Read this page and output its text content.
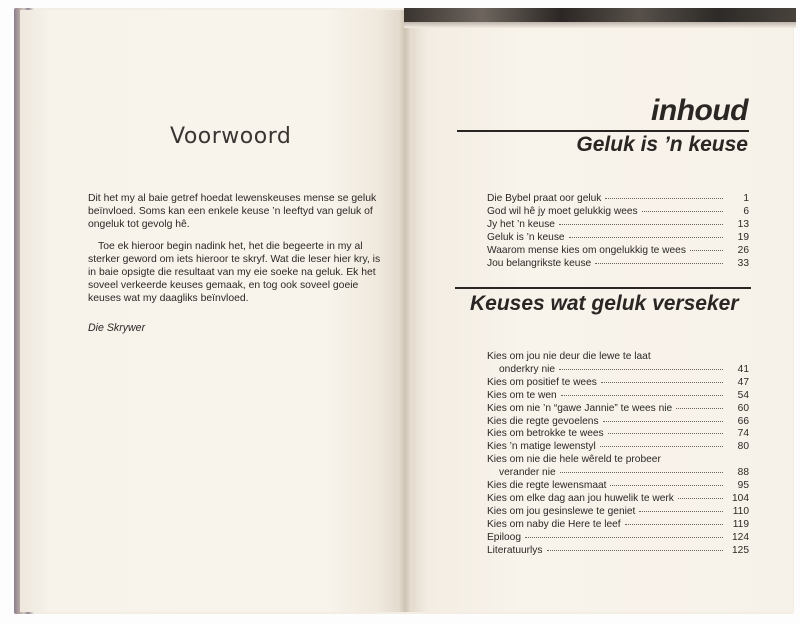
Voorwoord

Dit het my al baie getref hoedat lewenskeuses mense se geluk beïnvloed. Soms kan een enkele keuse ’n leeftyd van geluk of ongeluk tot gevolg hê.

Toe ek hieroor begin nadink het, het die begeerte in my al sterker geword om iets hieroor te skryf. Wat die leser hier kry, is in baie opsigte die resultaat van my eie soeke na geluk. Ek het soveel verkeerde keuses gemaak, en tog ook soveel goeie keuses wat my daagliks beïnvloed.

Die Skrywer
inhoud
Geluk is ’n keuse
Die Bybel praat oor geluk	1
God wil hê jy moet gelukkig wees	6
Jy het ’n keuse	13
Geluk is ’n keuse	19
Waarom mense kies om ongelukkig te wees	26
Jou belangrikste keuse	33
Keuses wat geluk verseker
Kies om jou nie deur die lewe te laat
onderkry nie	41
Kies om positief te wees	47
Kies om te wen	54
Kies om nie ’n “gawe Jannie” te wees nie	60
Kies die regte gevoelens	66
Kies om betrokke te wees	74
Kies ’n matige lewenstyl	80
Kies om nie die hele wêreld te probeer
verander nie	88
Kies die regte lewensmaat	95
Kies om elke dag aan jou huwelik te werk	104
Kies om jou gesinslewe te geniet	110
Kies om naby die Here te leef	119
Epiloog	124
Literatuurlys	125
